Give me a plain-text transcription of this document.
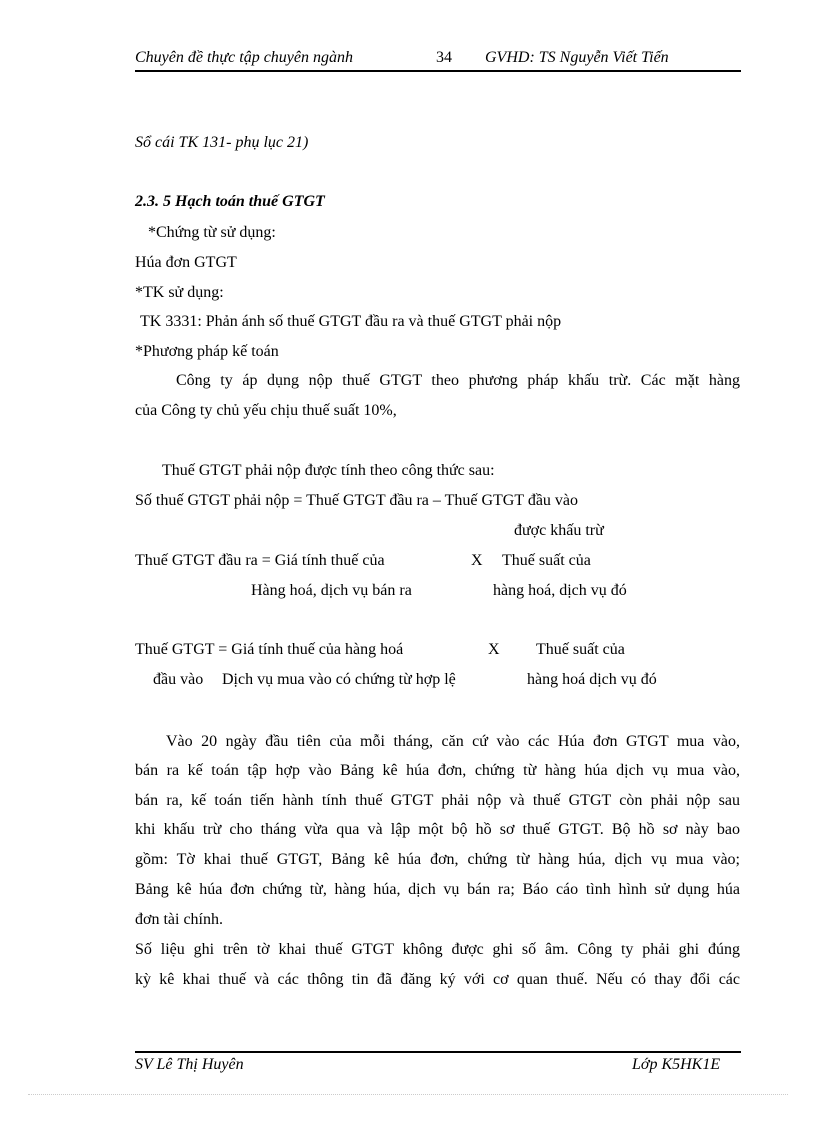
Chuyên đề thực tập chuyên ngành	34 GVHD: TS Nguyễn Viết Tiến
Sổ cái TK 131- phụ lục 21)
2.3. 5 Hạch toán thuế GTGT
*Chứng từ sử dụng:
Húa đơn GTGT
*TK sử dụng:
TK 3331: Phản ánh số thuế GTGT đầu ra và thuế GTGT phải nộp
*Phương pháp kế toán
Công ty áp dụng nộp thuế GTGT theo phương pháp khấu trừ. Các mặt hàng
của Công ty chủ yếu chịu thuế suất 10%,
Thuế GTGT phải nộp được tính theo công thức sau:
Số thuế GTGT phải nộp = Thuế GTGT đầu ra – Thuế GTGT đầu vào
được khấu trừ
Thuế GTGT đầu ra = Giá tính thuế của	X Thuế suất của
Hàng hoá, dịch vụ bán ra	hàng hoá, dịch vụ đó
Thuế GTGT = Giá tính thuế của hàng hoá	X Thuế suất của
đầu vào Dịch vụ mua vào có chứng từ hợp lệ	hàng hoá dịch vụ đó
Vào 20 ngày đầu tiên của mỗi tháng, căn cứ vào các Húa đơn GTGT mua vào,
bán ra kế toán tập hợp vào Bảng kê húa đơn, chứng từ hàng húa dịch vụ mua vào,
bán ra, kế toán tiến hành tính thuế GTGT phải nộp và thuế GTGT còn phải nộp sau
khi khấu trừ cho tháng vừa qua và lập một bộ hồ sơ thuế GTGT. Bộ hồ sơ này bao
gồm: Tờ khai thuế GTGT, Bảng kê húa đơn, chứng từ hàng húa, dịch vụ mua vào;
Bảng kê húa đơn chứng từ, hàng húa, dịch vụ bán ra; Báo cáo tình hình sử dụng húa
đơn tài chính.
Số liệu ghi trên tờ khai thuế GTGT không được ghi số âm. Công ty phải ghi đúng
kỳ kê khai thuế và các thông tin đã đăng ký với cơ quan thuế. Nếu có thay đổi các
SV Lê Thị Huyên	Lớp K5HK1E
